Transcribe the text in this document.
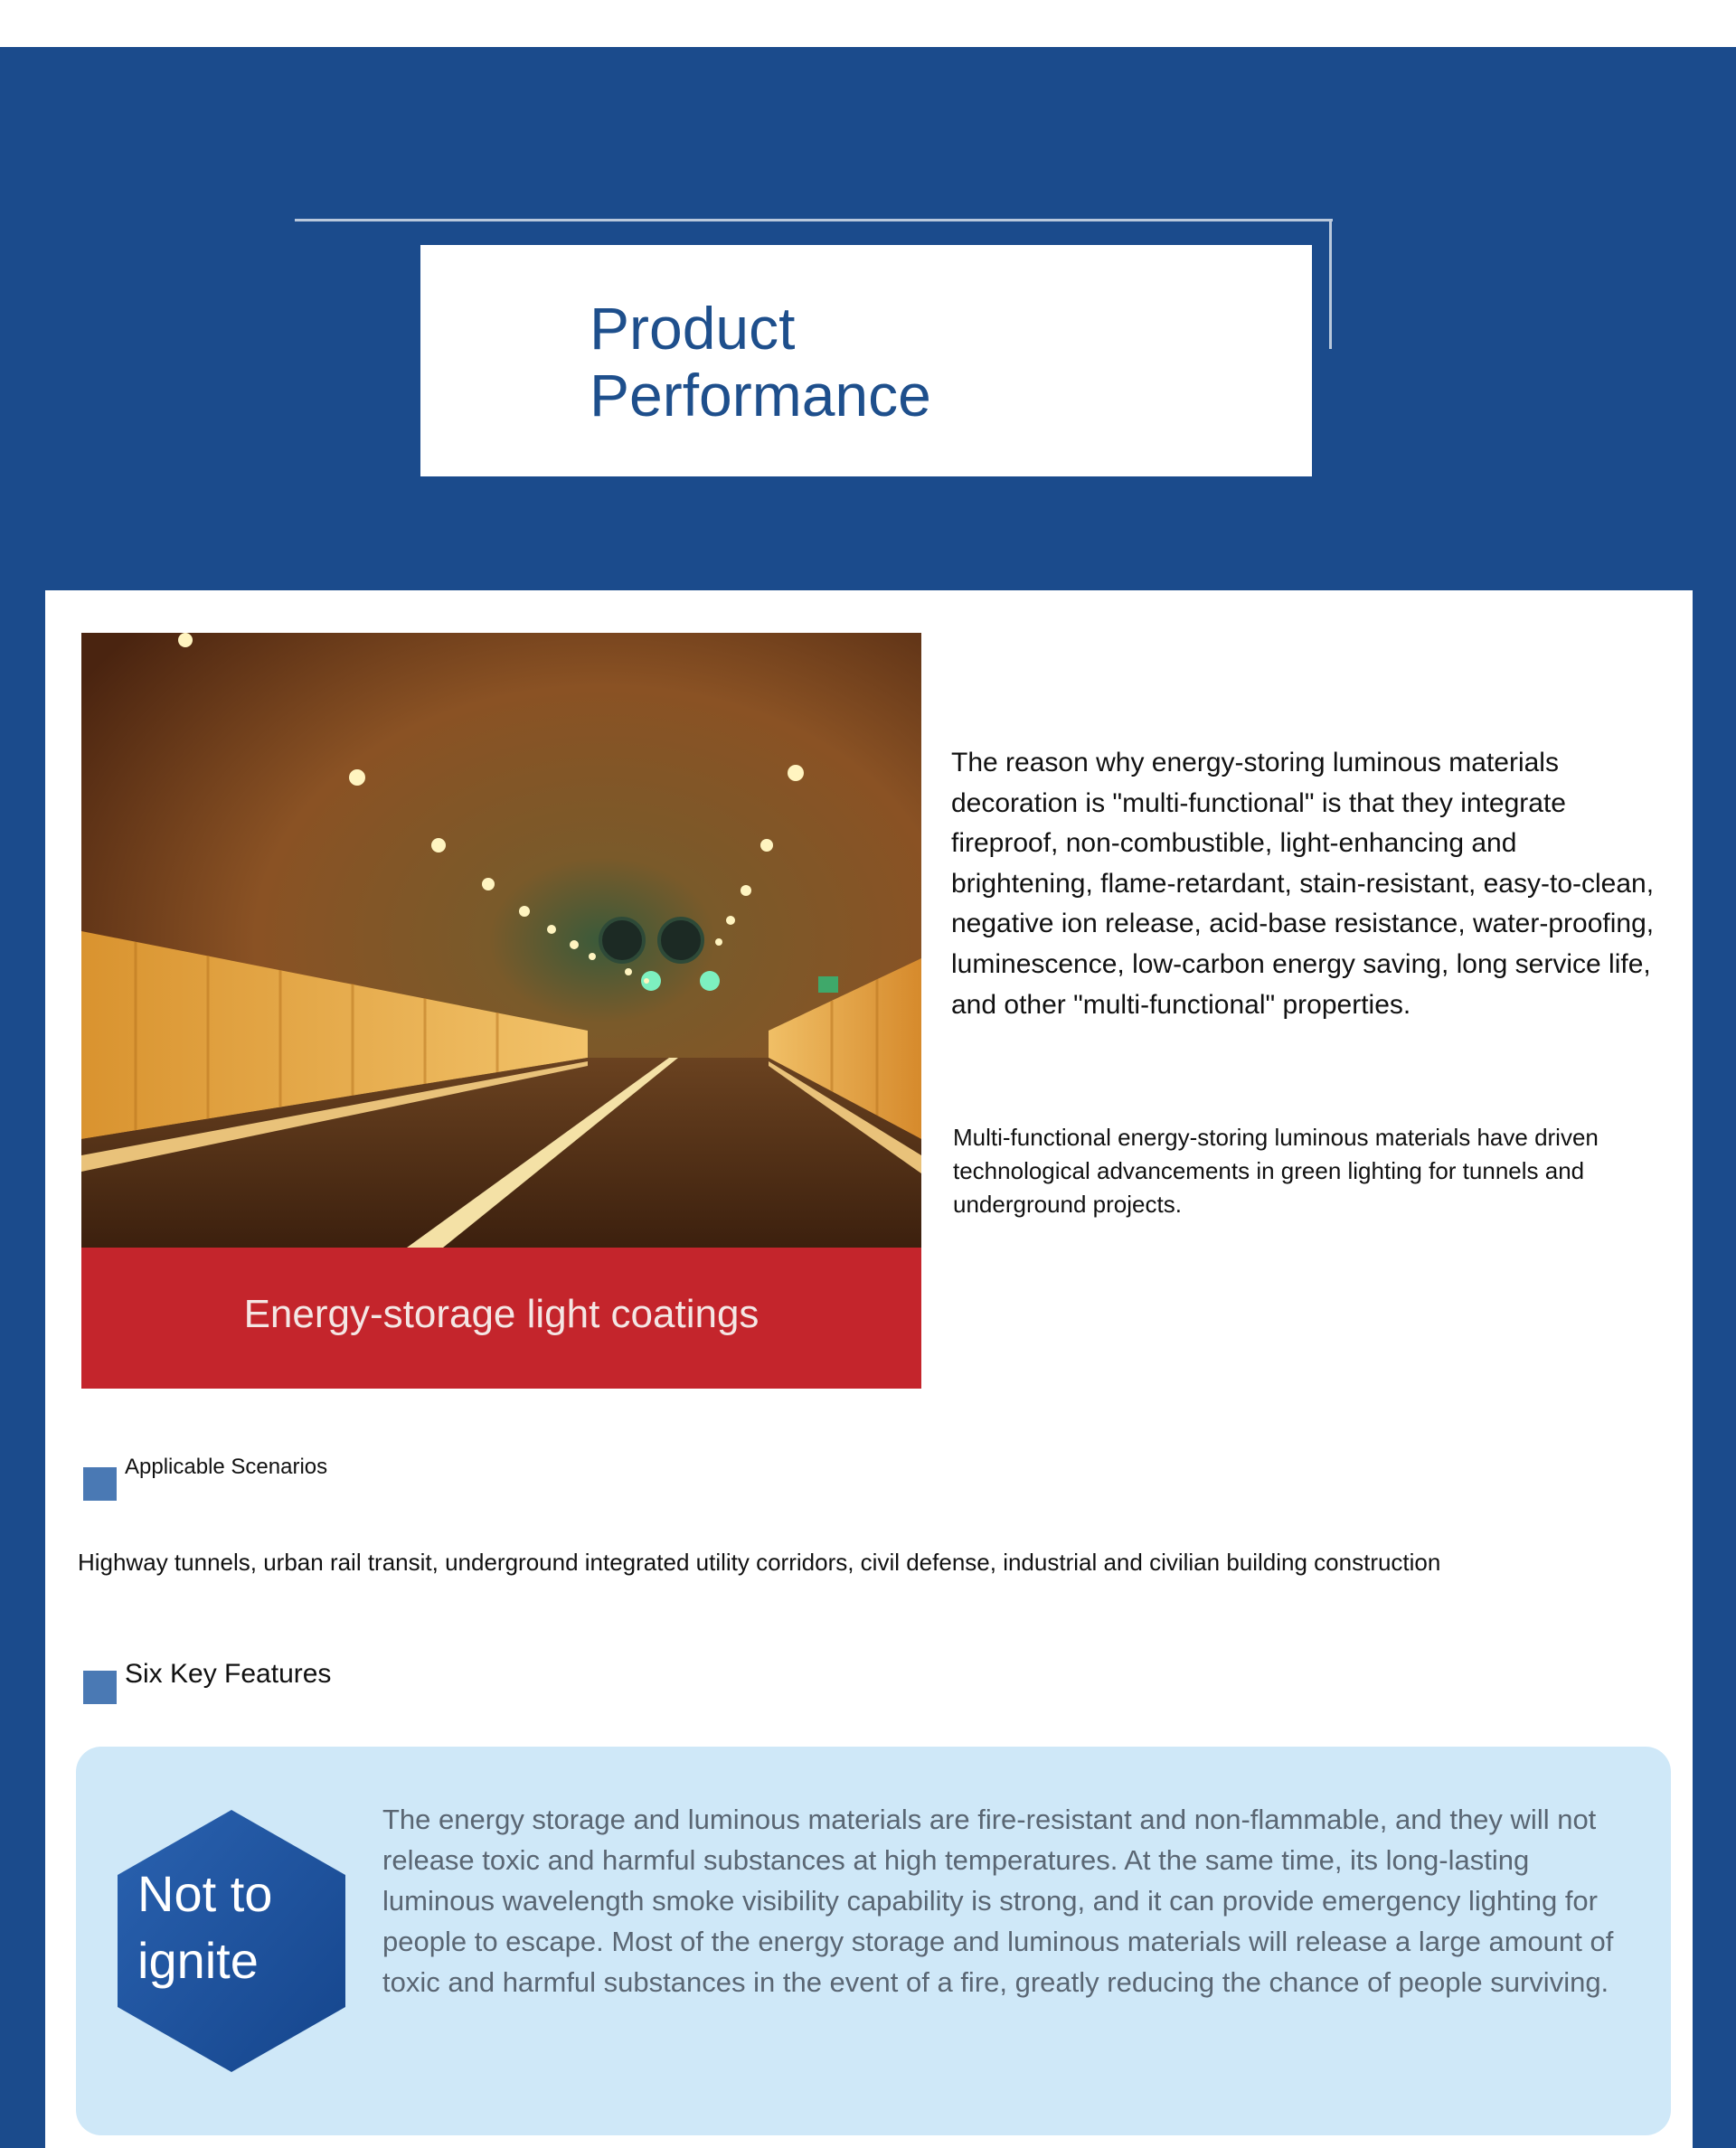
Product Performance
Energy-storage light coatings

The reason why energy-storing luminous materials decoration is "multi-functional" is that they integrate fireproof, non-combustible, light-enhancing and brightening, flame-retardant, stain-resistant, easy-to-clean, negative ion release, acid-base resistance, water-proofing, luminescence, low-carbon energy saving, long service life, and other "multi-functional" properties.

Multi-functional energy-storing luminous materials have driven technological advancements in green lighting for tunnels and underground projects.

Applicable Scenarios

Highway tunnels, urban rail transit, underground integrated utility corridors, civil defense, industrial and civilian building construction

Six Key Features

Not to ignite

The energy storage and luminous materials are fire-resistant and non-flammable, and they will not release toxic and harmful substances at high temperatures. At the same time, its long-lasting luminous wavelength smoke visibility capability is strong, and it can provide emergency lighting for people to escape. Most of the energy storage and luminous materials will release a large amount of toxic and harmful substances in the event of a fire, greatly reducing the chance of people surviving.
